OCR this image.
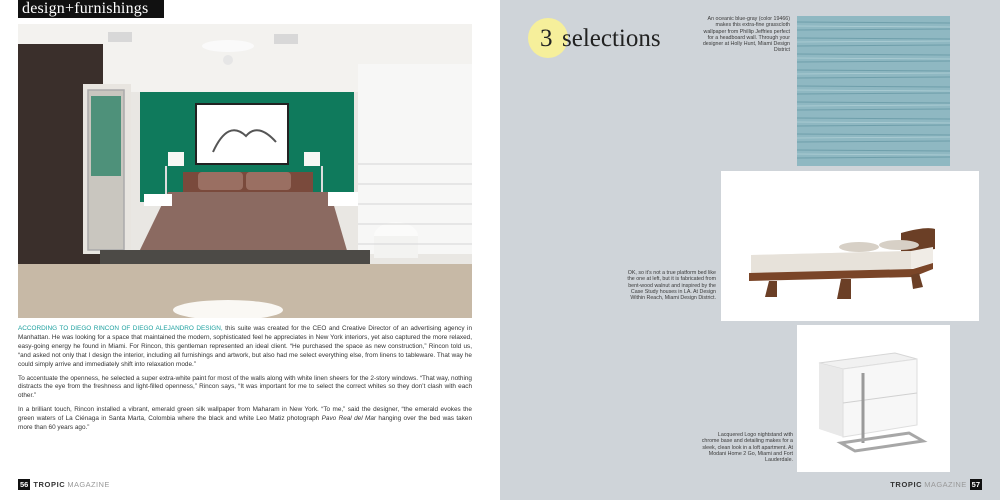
design+furnishings

ACCORDING TO DIEGO RINCON OF DIEGO ALEJANDRO DESIGN, this suite was created for the CEO and Creative Director of an advertising agency in Manhattan. He was looking for a space that maintained the modern, sophisticated feel he appreciates in New York interiors, yet also captured the more relaxed, easy-going energy he found in Miami. For Rincon, this gentleman represented an ideal client. “He purchased the space as new construction,” Rincon told us, “and asked not only that I design the interior, including all furnishings and artwork, but also had me select everything else, from linens to tableware. That way he could simply arrive and immediately shift into relaxation mode.”

To accentuate the openness, he selected a super extra-white paint for most of the walls along with white linen sheers for the 2-story windows. “That way, nothing distracts the eye from the freshness and light-filled openness,” Rincon says, “It was important for me to select the correct whites so they don’t clash with each other.”

In a brilliant touch, Rincon installed a vibrant, emerald green silk wallpaper from Maharam in New York. “To me,” said the designer, “the emerald evokes the green waters of La Ciénaga in Santa Marta, Colombia where the black and white Leo Matiz photograph Pavo Real del Mar hanging over the bed was taken more than 60 years ago.”

56 TROPIC MAGAZINE
3 selections
An oceanic blue-gray (color 19466) makes this extra-fine grasscloth wallpaper from Phillip Jeffries perfect for a headboard wall. Through your designer at Holly Hunt, Miami Design District
OK, so it’s not a true platform bed like the one at left, but it is fabricated from bent-wood walnut and inspired by the Case Study houses in LA. At Design Within Reach, Miami Design District.
Lacquered Logo nightstand with chrome base and detailing makes for a sleek, clean look in a loft apartment. At Modani Home 2 Go, Miami and Fort Lauderdale.
TROPIC MAGAZINE 57
